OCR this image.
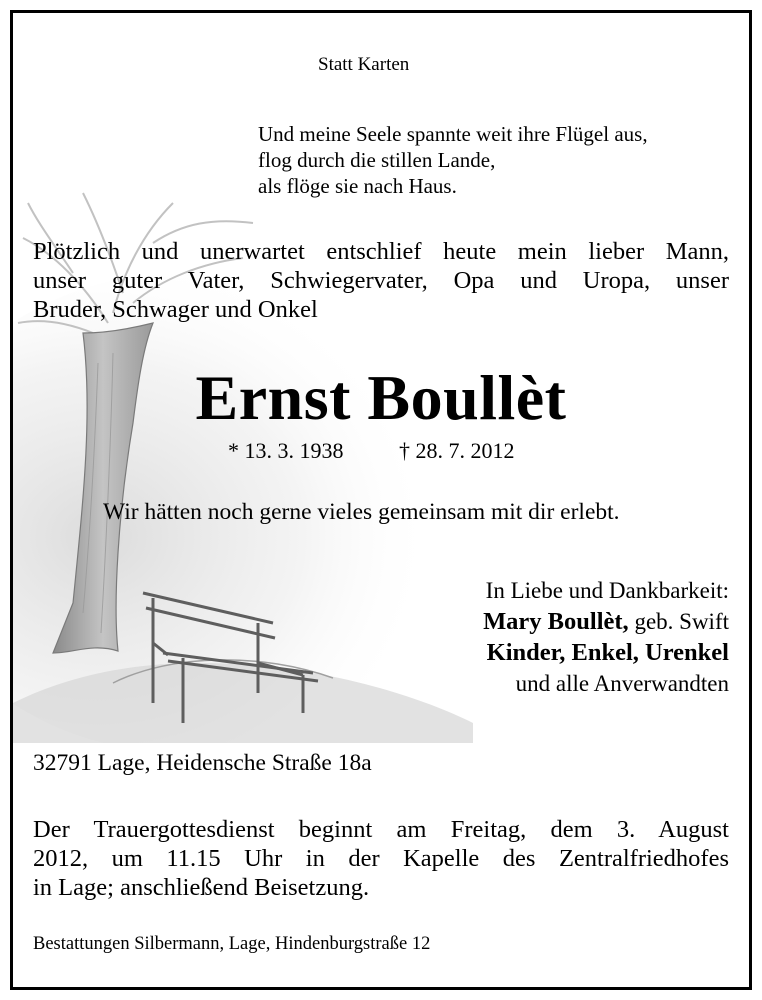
Statt Karten
Und meine Seele spannte weit ihre Flügel aus,
flog durch die stillen Lande,
als flöge sie nach Haus.
Plötzlich und unerwartet entschlief heute mein lieber Mann,
unser guter Vater, Schwiegervater, Opa und Uropa, unser
Bruder, Schwager und Onkel
Ernst Boullèt
* 13. 3. 1938	† 28. 7. 2012
Wir hätten noch gerne vieles gemeinsam mit dir erlebt.
In Liebe und Dankbarkeit:
Mary Boullèt, geb. Swift
Kinder, Enkel, Urenkel
und alle Anverwandten
32791 Lage, Heidensche Straße 18a
Der Trauergottesdienst beginnt am Freitag, dem 3. August
2012, um 11.15 Uhr in der Kapelle des Zentralfriedhofes
in Lage; anschließend Beisetzung.
Bestattungen Silbermann, Lage, Hindenburgstraße 12
